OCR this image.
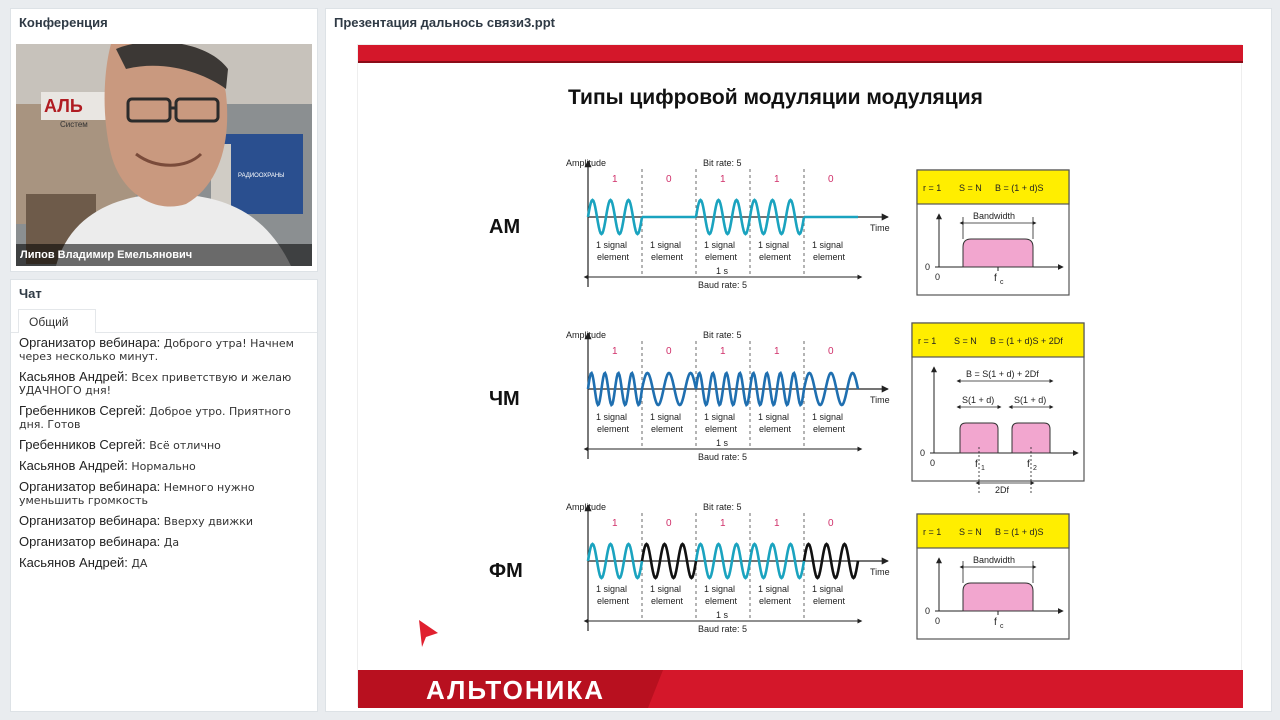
Конференция
АЛЬ
Систем
РАДИООХРАНЫ
Липов Владимир Емельянович
Чат
Общий
Организатор вебинара: Доброго утра! Начнем через несколько минут.
Касьянов Андрей: Всех приветствую и желаю УДАЧНОГО дня!
Гребенников Сергей: Доброе утро. Приятного дня. Готов
Гребенников Сергей: Всё отлично
Касьянов Андрей: Нормально
Организатор вебинара: Немного нужно уменьшить громкость
Организатор вебинара: Вверху движки
Организатор вебинара: Да
Касьянов Андрей: ДА
Презентация дальнось связи3.ppt
Типы цифровой модуляции модуляция
АМ
Amplitude	Bit rate: 5
Time
1
1 signal
element
0
1 signal
element
1
1 signal
element
1
1 signal
element
0
1 signal
element
1 s
Baud rate: 5
r = 1 S = N B = (1 + d)S
0
0
Bandwidth
f c
ЧМ
Amplitude	Bit rate: 5
Time
1
1 signal
element
0
1 signal
element
1
1 signal
element
1
1 signal
element
0
1 signal
element
1 s
Baud rate: 5
r = 1 S = N B = (1 + d)S + 2Df
0
0
B = S(1 + d) + 2Df
S(1 + d) S(1 + d)
f 1	f 2
2Df
ФМ
Amplitude	Bit rate: 5
Time
1
1 signal
element
0
1 signal
element
1
1 signal
element
1
1 signal
element
0
1 signal
element
1 s
Baud rate: 5
r = 1 S = N B = (1 + d)S
0
0
Bandwidth
f c
АЛЬТОНИКА
